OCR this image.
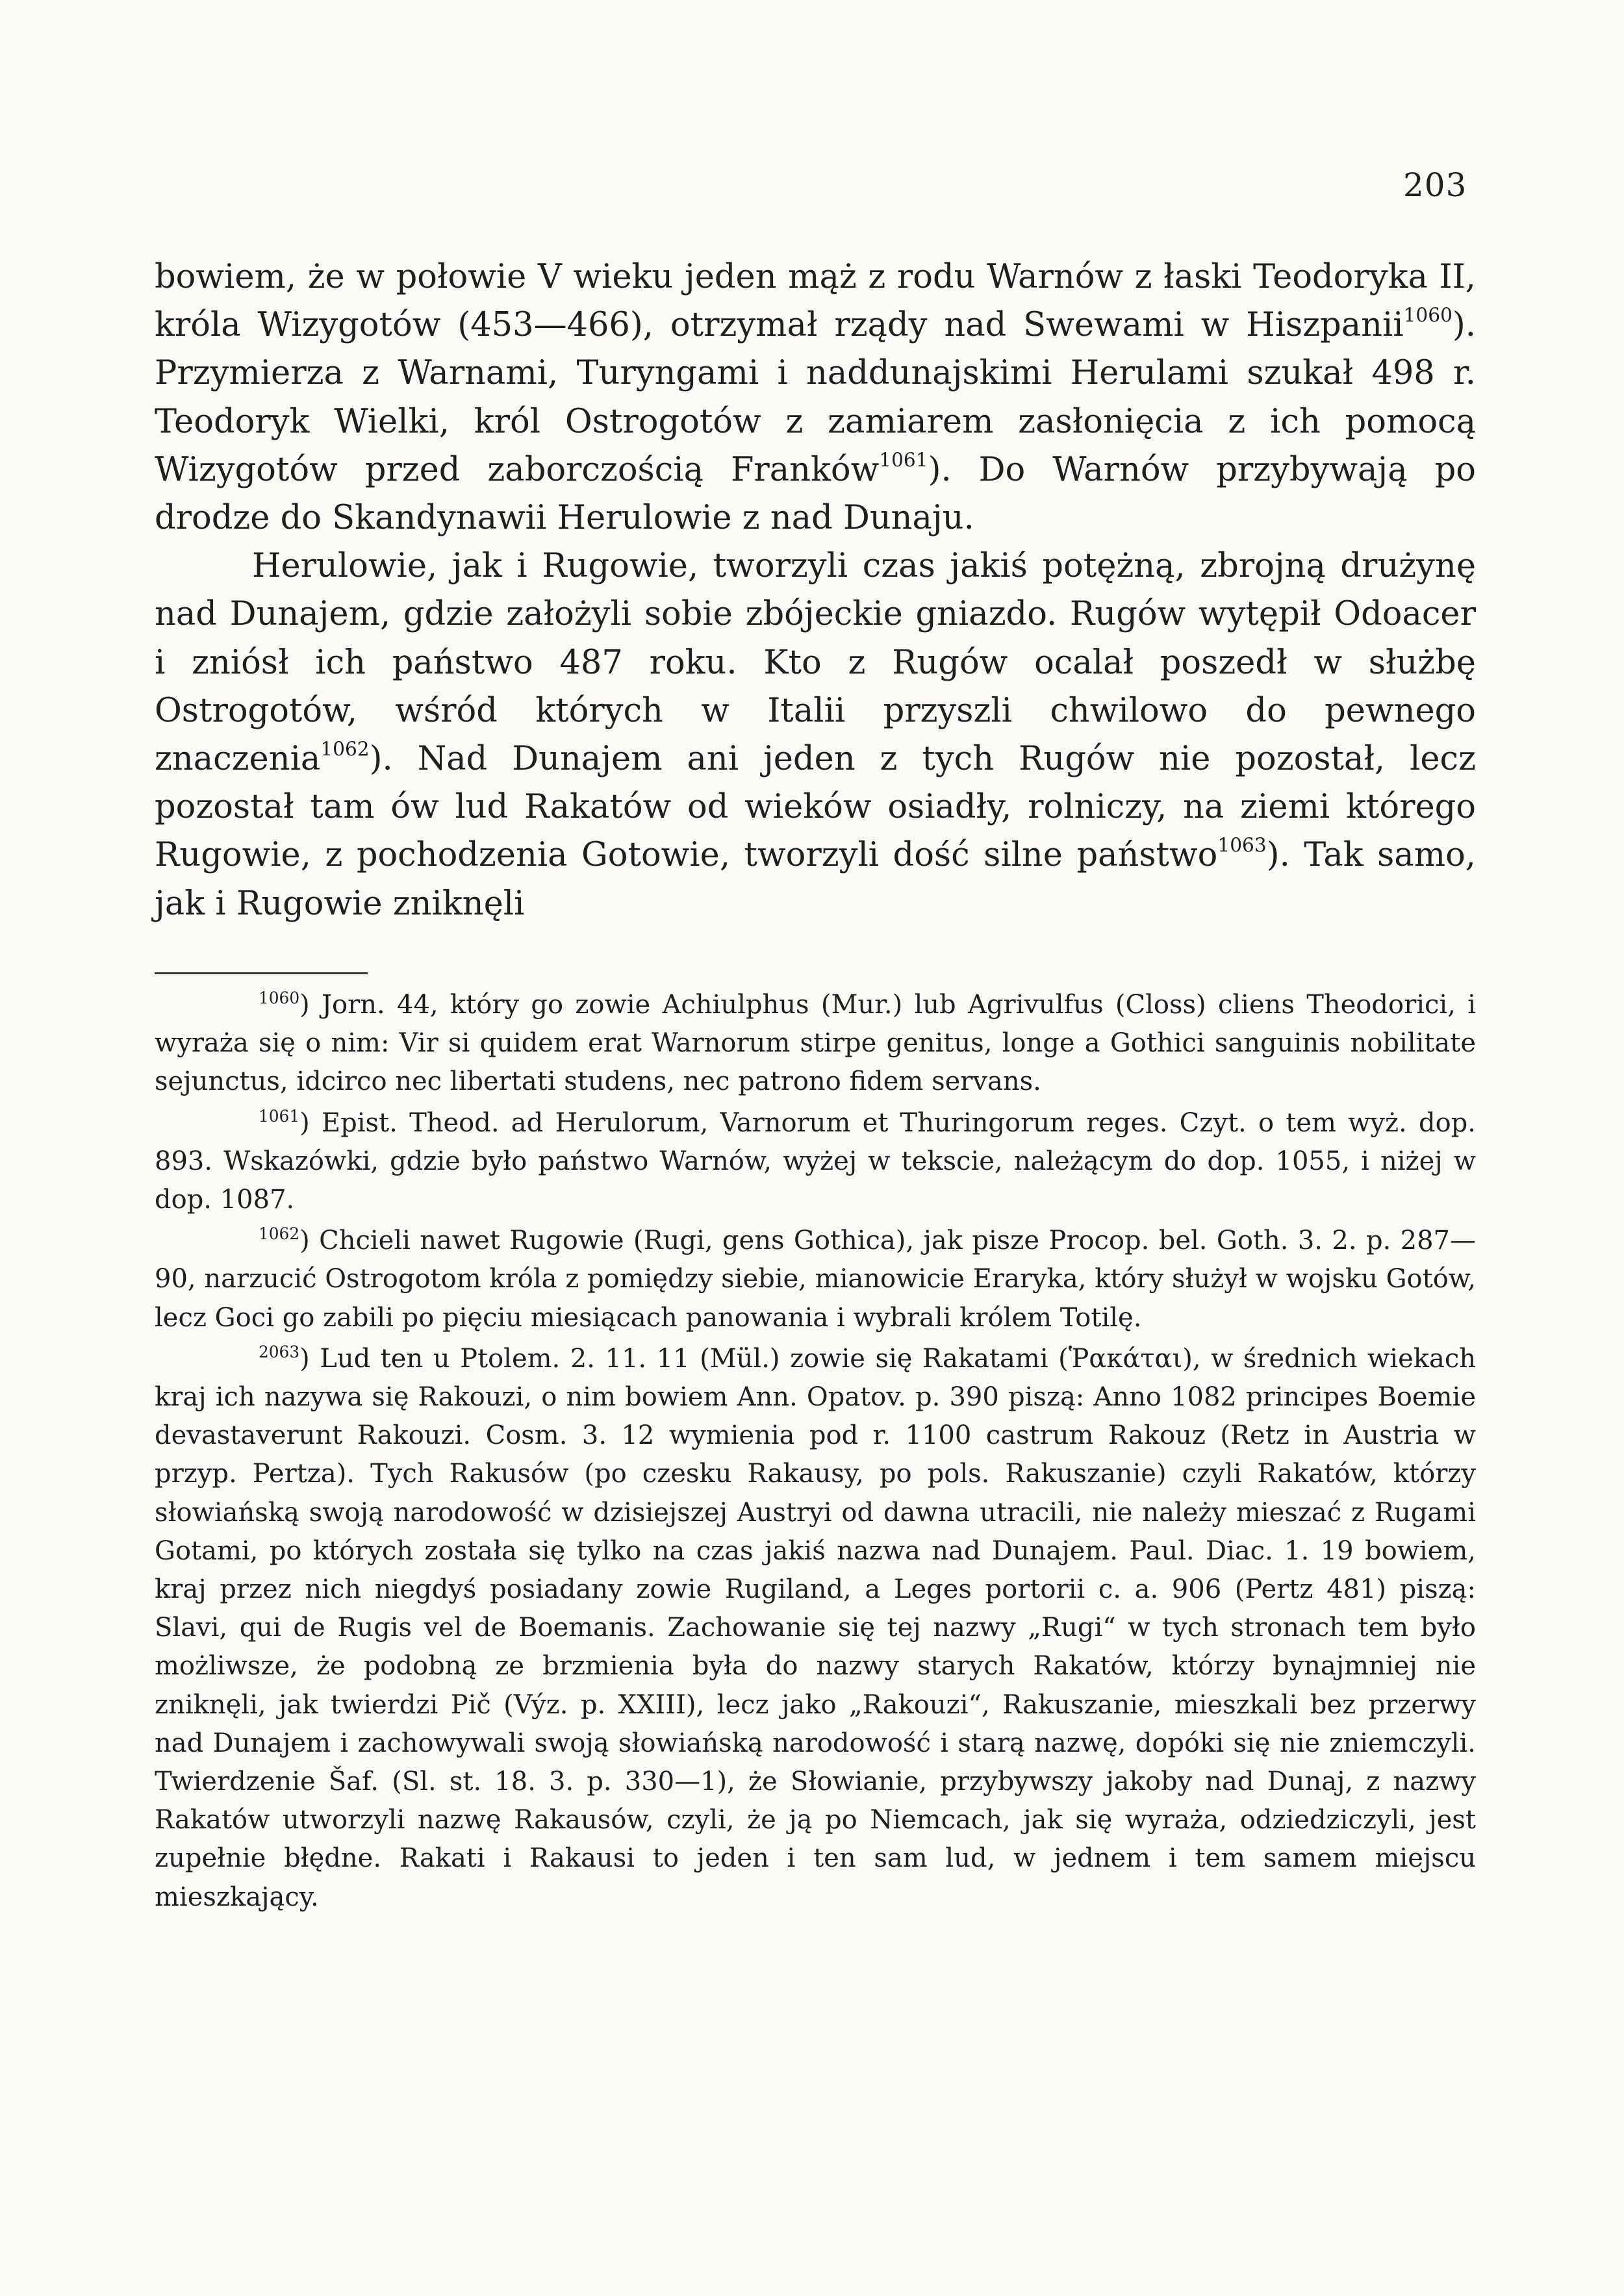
203

bowiem, że w połowie V wieku jeden mąż z rodu Warnów z łaski Teodoryka II, króla Wizygotów (453—466), otrzymał rządy nad Swewami w Hiszpanii$^{1060}$). Przymierza z Warnami, Turyngami i naddunajskimi Herulami szukał 498 r. Teodoryk Wielki, król Ostrogotów z zamiarem zasłonięcia z ich pomocą Wizygotów przed zaborczością Franków$^{1061}$). Do Warnów przybywają po drodze do Skandynawii Herulowie z nad Dunaju.

Herulowie, jak i Rugowie, tworzyli czas jakiś potężną, zbrojną drużynę nad Dunajem, gdzie założyli sobie zbójeckie gniazdo. Rugów wytępił Odoacer i zniósł ich państwo 487 roku. Kto z Rugów ocalał poszedł w służbę Ostrogotów, wśród których w Italii przyszli chwilowo do pewnego znaczenia$^{1062}$). Nad Dunajem ani jeden z tych Rugów nie pozostał, lecz pozostał tam ów lud Rakatów od wieków osiadły, rolniczy, na ziemi którego Rugowie, z pochodzenia Gotowie, tworzyli dość silne państwo$^{1063}$). Tak samo, jak i Rugowie zniknęli

$^{1060}$) Jorn. 44, który go zowie Achiulphus (Mur.) lub Agrivulfus (Closs) cliens Theodorici, i wyraża się o nim: Vir si quidem erat Warnorum stirpe genitus, longe a Gothici sanguinis nobilitate sejunctus, idcirco nec libertati studens, nec patrono fidem servans.

$^{1061}$) Epist. Theod. ad Herulorum, Varnorum et Thuringorum reges. Czyt. o tem wyż. dop. 893. Wskazówki, gdzie było państwo Warnów, wyżej w tekscie, należącym do dop. 1055, i niżej w dop. 1087.

$^{1062}$) Chcieli nawet Rugowie (Rugi, gens Gothica), jak pisze Procop. bel. Goth. 3. 2. p. 287—90, narzucić Ostrogotom króla z pomiędzy siebie, mianowicie Eraryka, który służył w wojsku Gotów, lecz Goci go zabili po pięciu miesiącach panowania i wybrali królem Totilę.

$^{2063}$) Lud ten u Ptolem. 2. 11. 11 (Mül.) zowie się Rakatami (Ῥακάται), w średnich wiekach kraj ich nazywa się Rakouzi, o nim bowiem Ann. Opatov. p. 390 piszą: Anno 1082 principes Boemie devastaverunt Rakouzi. Cosm. 3. 12 wymienia pod r. 1100 castrum Rakouz (Retz in Austria w przyp. Pertza). Tych Rakusów (po czesku Rakausy, po pols. Rakuszanie) czyli Rakatów, którzy słowiańską swoją narodowość w dzisiejszej Austryi od dawna utracili, nie należy mieszać z Rugami Gotami, po których została się tylko na czas jakiś nazwa nad Dunajem. Paul. Diac. 1. 19 bowiem, kraj przez nich niegdyś posiadany zowie Rugiland, a Leges portorii c. a. 906 (Pertz 481) piszą: Slavi, qui de Rugis vel de Boemanis. Zachowanie się tej nazwy „Rugi“ w tych stronach tem było możliwsze, że podobną ze brzmienia była do nazwy starych Rakatów, którzy bynajmniej nie zniknęli, jak twierdzi Pič (Výz. p. XXIII), lecz jako „Rakouzi“, Rakuszanie, mieszkali bez przerwy nad Dunajem i zachowywali swoją słowiańską narodowość i starą nazwę, dopóki się nie zniemczyli. Twierdzenie Šaf. (Sl. st. 18. 3. p. 330—1), że Słowianie, przybywszy jakoby nad Dunaj, z nazwy Rakatów utworzyli nazwę Rakausów, czyli, że ją po Niemcach, jak się wyraża, odziedziczyli, jest zupełnie błędne. Rakati i Rakausi to jeden i ten sam lud, w jednem i tem samem miejscu mieszkający.
